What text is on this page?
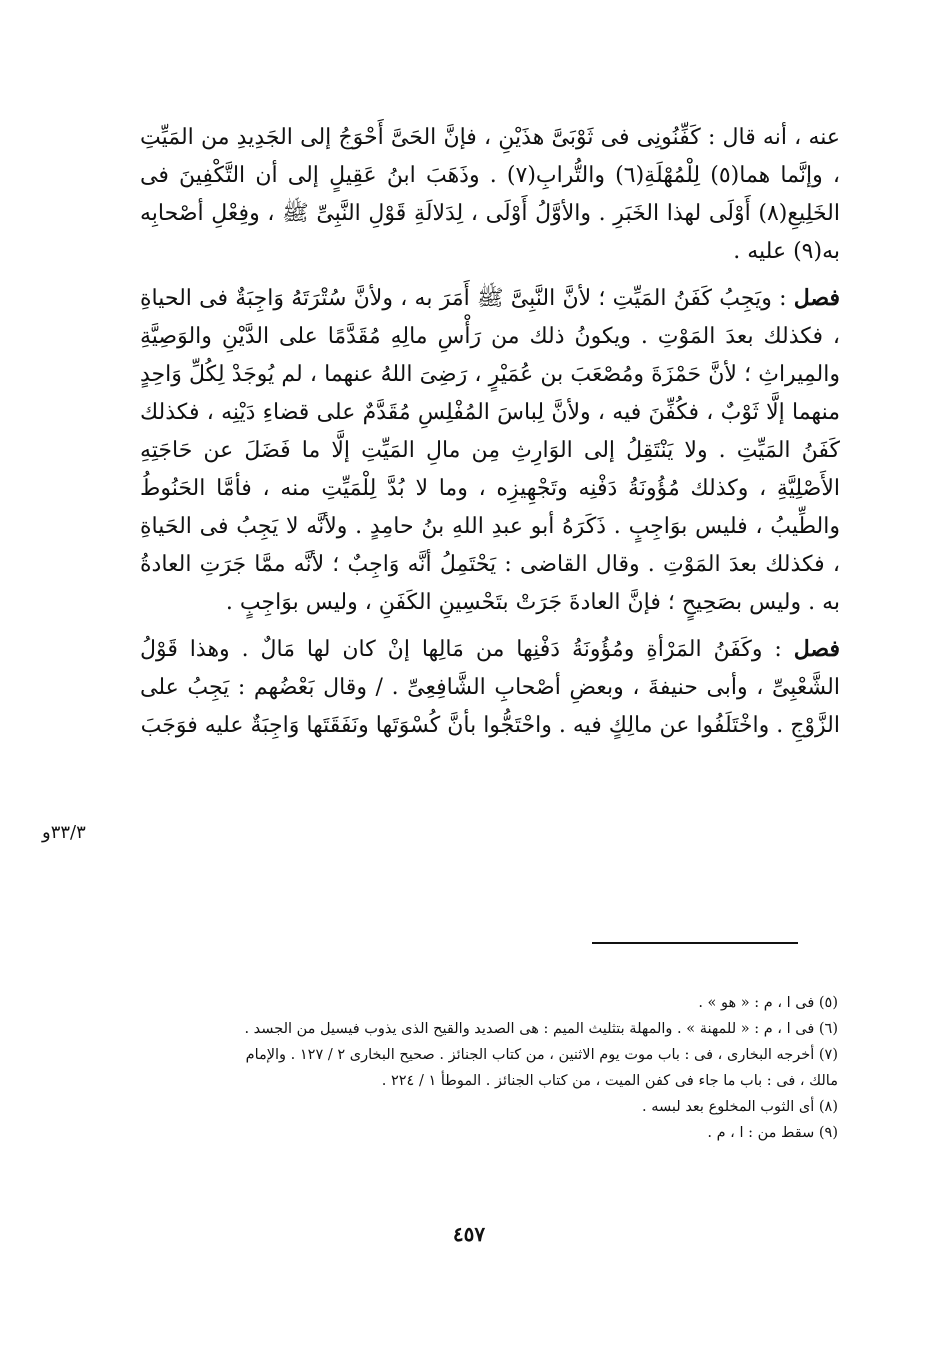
عنه ، أنه قال : كَفِّنُونِى فى ثَوْبَىَّ هذَيْنِ ، فإنَّ الحَىَّ أَحْوَجُ إلى الجَدِيدِ من المَيِّتِ ، وإنَّما هما(٥) لِلْمُهْلَةِ(٦) والتُّرابِ(٧) . وذَهَبَ ابنُ عَقِيلٍ إلى أن التَّكْفِينَ فى الخَلِيعِ(٨) أَوْلَى لهذا الخَبَرِ . والأوَّلُ أَوْلَى ، لِدَلالَةِ قَوْلِ النَّبِىِّ ﷺ ، وفِعْلِ أصْحابِه به(٩) عليه .

فصل : ويَجِبُ كَفَنُ المَيِّتِ ؛ لأنَّ النَّبِىَّ ﷺ أَمَرَ به ، ولأنَّ سُتْرَتَهُ وَاجِبَةٌ فى الحياةِ ، فكذلك بعدَ المَوْتِ . ويكونُ ذلك من رَأْسِ مالِهِ مُقَدَّمًا على الدَّيْنِ والوَصِيَّةِ والمِيراثِ ؛ لأنَّ حَمْزَةَ ومُصْعَبَ بن عُمَيْرٍ ، رَضِىَ اللهُ عنهما ، لم يُوجَدْ لِكُلِّ وَاحِدٍ منهما إلَّا ثَوْبٌ ، فكُفِّنَ فيه ، ولأنَّ لِباسَ المُفْلِسِ مُقَدَّمٌ على قضاءِ دَيْنِه ، فكذلك كَفَنُ المَيِّتِ . ولا يَنْتَقِلُ إلى الوَارِثِ مِن مالِ المَيِّتِ إلَّا ما فَضَلَ عن حَاجَتِهِ الأَصْلِيَّةِ ، وكذلك مُؤُونَةُ دَفْنِه وتَجْهِيزِه ، وما لا بُدَّ لِلْمَيِّتِ منه ، فأمَّا الحَنُوطُ والطِّيبُ ، فليس بوَاجِبٍ . ذَكَرَهُ أبو عبدِ اللهِ بنُ حامِدٍ . ولأنَّه لا يَجِبُ فى الحَياةِ ، فكذلك بعدَ المَوْتِ . وقال القاضى : يَحْتَمِلُ أنَّه وَاجِبٌ ؛ لأنَّه ممَّا جَرَتِ العادةُ به . وليس بصَحِيحٍ ؛ فإنَّ العادةَ جَرَتْ بتَحْسِينِ الكَفَنِ ، وليس بوَاجِبٍ .

فصل : وكَفَنُ المَرْأةِ ومُؤُونَةُ دَفْنِها من مَالِها إنْ كان لها مَالٌ . وهذا قَوْلُ الشَّعْبِىِّ ، وأبى حنيفةَ ، وبعضِ أصْحابِ الشَّافِعِىِّ . / وقال بَعْضُهم : يَجِبُ على الزَّوْجِ . واخْتَلَفُوا عن مالِكٍ فيه . واحْتَجُّوا بأنَّ كُسْوَتَها ونَفَقَتَها وَاجِبَةٌ عليه فوَجَبَ

٣٣/٣و

(٥) فى ا ، م : « هو » .

(٦) فى ا ، م : « للمهنة » . والمهلة بتثليث الميم : هى الصديد والقيح الذى يذوب فيسيل من الجسد .

(٧) أخرجه البخارى ، فى : باب موت يوم الاثنين ، من كتاب الجنائز . صحيح البخارى ٢ / ١٢٧ . والإمام

مالك ، فى : باب ما جاء فى كفن الميت ، من كتاب الجنائز . الموطأ ١ / ٢٢٤ .

(٨) أى الثوب المخلوع بعد لبسه .

(٩) سقط من : ا ، م .

٤٥٧
